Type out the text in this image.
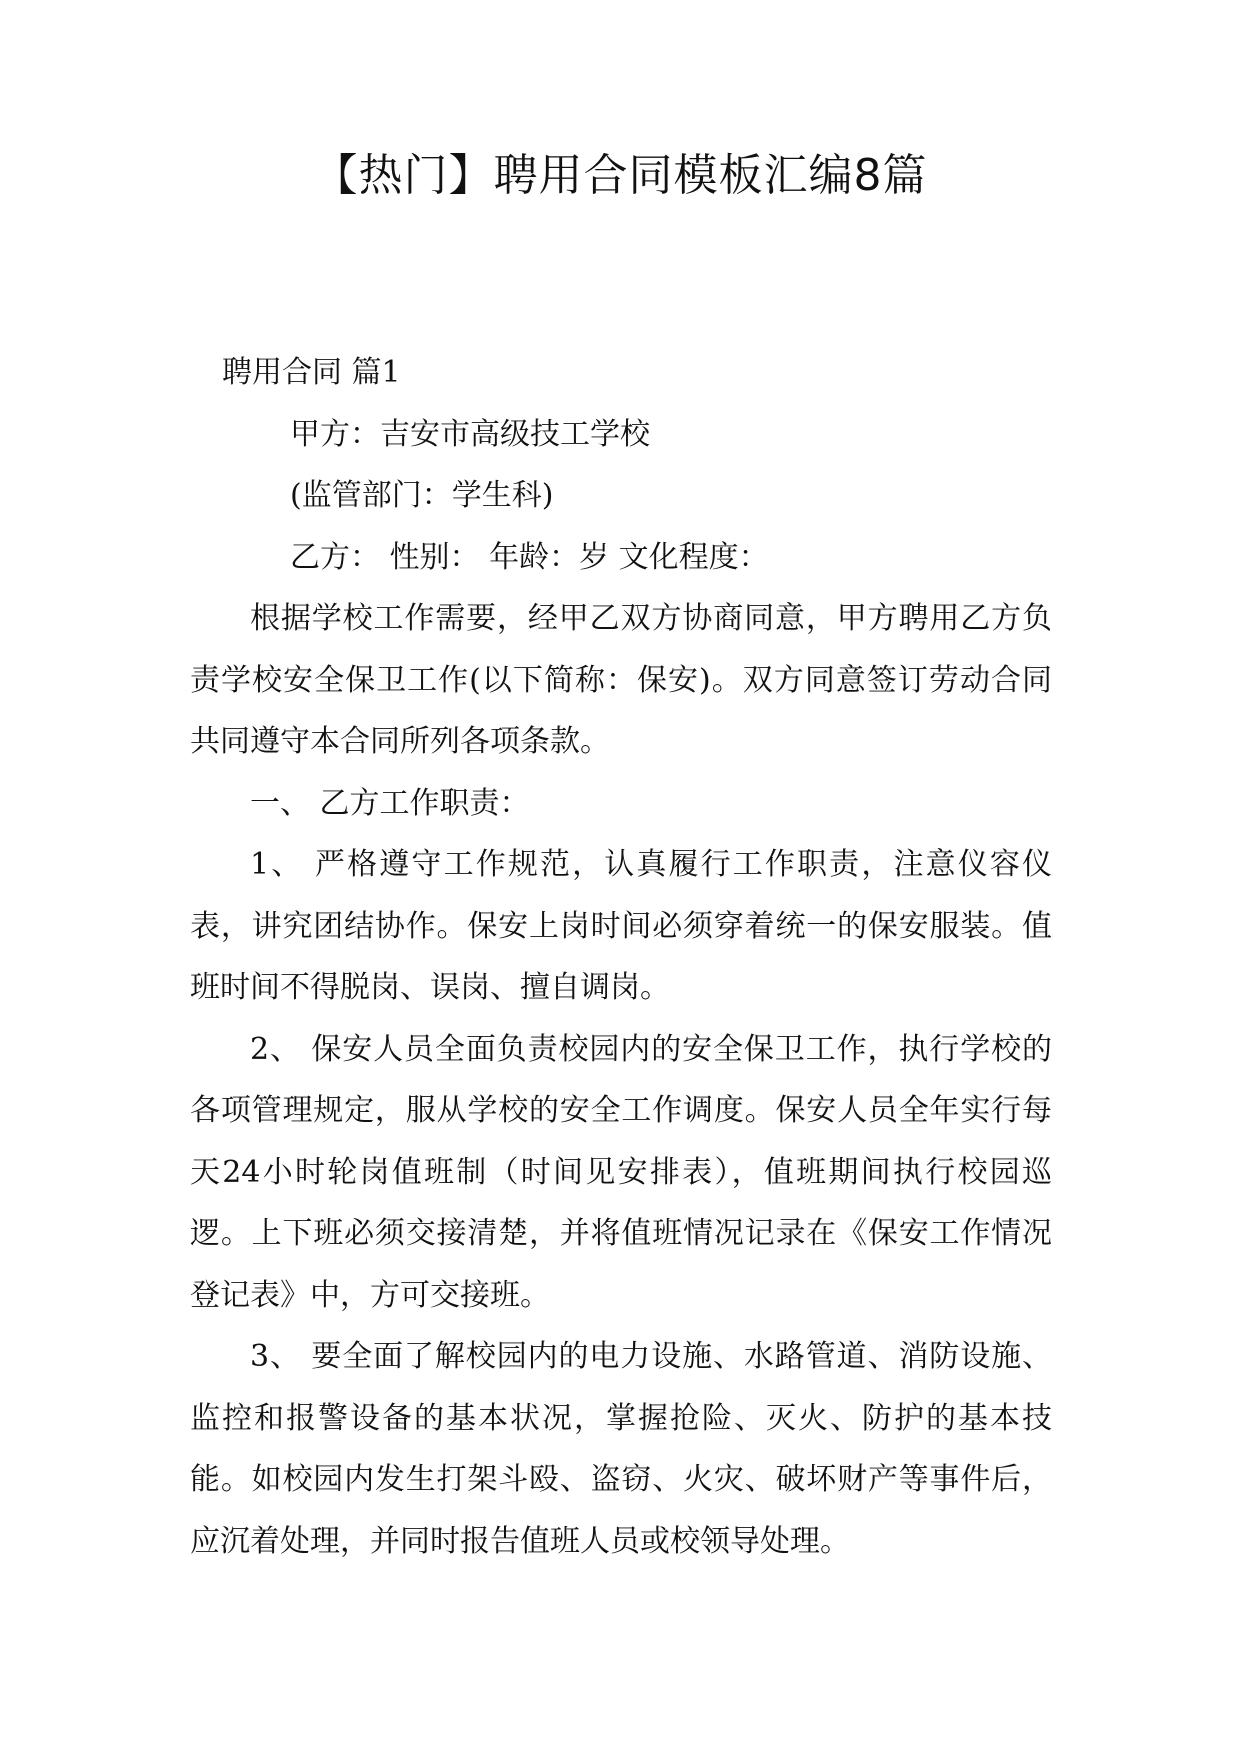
【热门】聘用合同模板汇编8篇

聘用合同 篇1

甲方：吉安市高级技工学校

(监管部门：学生科)

乙方： 性别： 年龄：岁 文化程度：

根据学校工作需要，经甲乙双方协商同意，甲方聘用乙方负责学校安全保卫工作(以下简称：保安)。双方同意签订劳动合同共同遵守本合同所列各项条款。

一、 乙方工作职责：

1、 严格遵守工作规范，认真履行工作职责，注意仪容仪表，讲究团结协作。保安上岗时间必须穿着统一的保安服装。值班时间不得脱岗、误岗、擅自调岗。

2、 保安人员全面负责校园内的安全保卫工作，执行学校的各项管理规定，服从学校的安全工作调度。保安人员全年实行每天24小时轮岗值班制（时间见安排表），值班期间执行校园巡逻。上下班必须交接清楚，并将值班情况记录在《保安工作情况登记表》中，方可交接班。

3、 要全面了解校园内的电力设施、水路管道、消防设施、监控和报警设备的基本状况，掌握抢险、灭火、防护的基本技能。如校园内发生打架斗殴、盗窃、火灾、破坏财产等事件后，应沉着处理，并同时报告值班人员或校领导处理。
